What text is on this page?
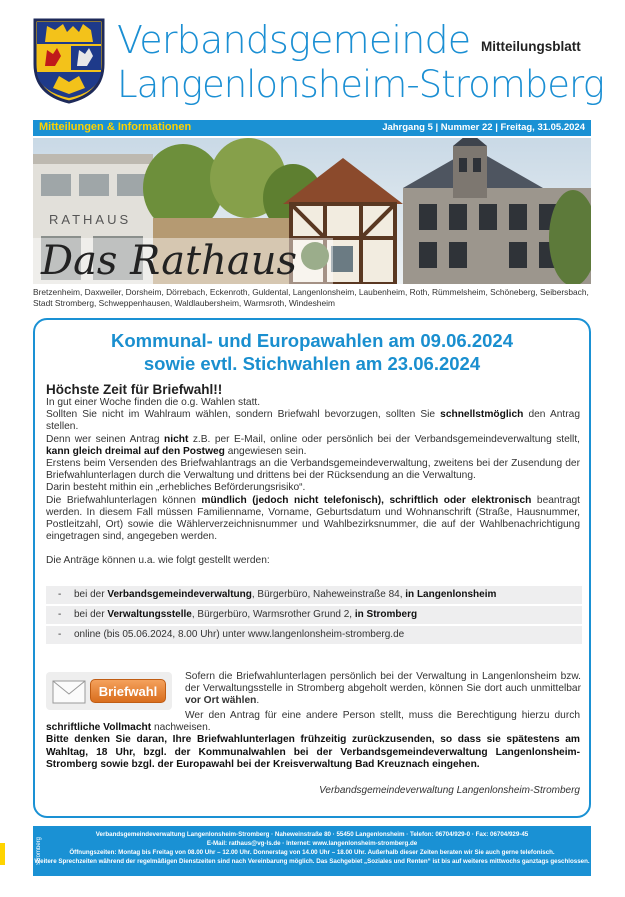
Verbandsgemeinde
Langenlonsheim-Stromberg
Mitteilungsblatt
Mitteilungen & Informationen	Jahrgang 5 | Nummer 22 | Freitag, 31.05.2024
RATHAUS
Das Rathaus
Bretzenheim, Daxweiler, Dorsheim, Dörrebach, Eckenroth, Guldental, Langenlonsheim, Laubenheim, Roth, Rümmelsheim, Schöneberg, Seibersbach, Stadt Stromberg, Schweppenhausen, Waldlaubersheim, Warmsroth, Windesheim
Kommunal- und Europawahlen am 09.06.2024
sowie evtl. Stichwahlen am 23.06.2024
Höchste Zeit für Briefwahl!!
In gut einer Woche finden die o.g. Wahlen statt.
Sollten Sie nicht im Wahlraum wählen, sondern Briefwahl bevorzugen, sollten Sie schnellstmöglich den Antrag stellen.
Denn wer seinen Antrag nicht z.B. per E-Mail, online oder persönlich bei der Verbandsgemeindeverwaltung stellt, kann gleich dreimal auf den Postweg angewiesen sein.
Erstens beim Versenden des Briefwahlantrags an die Verbandsgemeindeverwaltung, zweitens bei der Zusendung der Briefwahlunterlagen durch die Verwaltung und drittens bei der Rücksendung an die Verwaltung.
Darin besteht mithin ein „erhebliches Beförderungsrisiko“.
Die Briefwahlunterlagen können mündlich (jedoch nicht telefonisch), schriftlich oder elektronisch beantragt werden. In diesem Fall müssen Familienname, Vorname, Geburtsdatum und Wohnanschrift (Straße, Hausnummer, Postleitzahl, Ort) sowie die Wählerverzeichnisnummer und Wahlbezirksnummer, die auf der Wahlbenachrichtigung eingetragen sind, angegeben werden.
Die Anträge können u.a. wie folgt gestellt werden:
- bei der Verbandsgemeindeverwaltung, Bürgerbüro, Naheweinstraße 84, in Langenlonsheim
- bei der Verwaltungsstelle, Bürgerbüro, Warmsrother Grund 2, in Stromberg
- online (bis 05.06.2024, 8.00 Uhr) unter www.langenlonsheim-stromberg.de
Briefwahl
Sofern die Briefwahlunterlagen persönlich bei der Verwaltung in Langenlonsheim bzw. der Verwaltungsstelle in Stromberg abgeholt werden, können Sie dort auch unmittelbar vor Ort wählen.
Wer den Antrag für eine andere Person stellt, muss die Berechtigung hierzu durch schriftliche Vollmacht nachweisen.
Bitte denken Sie daran, Ihre Briefwahlunterlagen frühzeitig zurückzusenden, so dass sie spätestens am Wahltag, 18 Uhr, bzgl. der Kommunalwahlen bei der Verbandsgemeindeverwaltung Langenlonsheim-Stromberg sowie bzgl. der Europawahl bei der Kreisverwaltung Bad Kreuznach eingehen.
Verbandsgemeindeverwaltung Langenlonsheim-Stromberg
Verbandsgemeindeverwaltung Langenlonsheim-Stromberg · Naheweinstraße 80 · 55450 Langenlonsheim · Telefon: 06704/929-0 · Fax: 06704/929-45
E-Mail: rathaus@vg-ls.de · Internet: www.langenlonsheim-stromberg.de
Öffnungszeiten: Montag bis Freitag von 08.00 Uhr – 12.00 Uhr. Donnerstag von 14.00 Uhr – 18.00 Uhr. Außerhalb dieser Zeiten beraten wir Sie auch gerne telefonisch.
Weitere Sprechzeiten während der regelmäßigen Dienstzeiten sind nach Vereinbarung möglich. Das Sachgebiet „Soziales und Renten“ ist bis auf weiteres mittwochs ganztags geschlossen.
Stromberg
